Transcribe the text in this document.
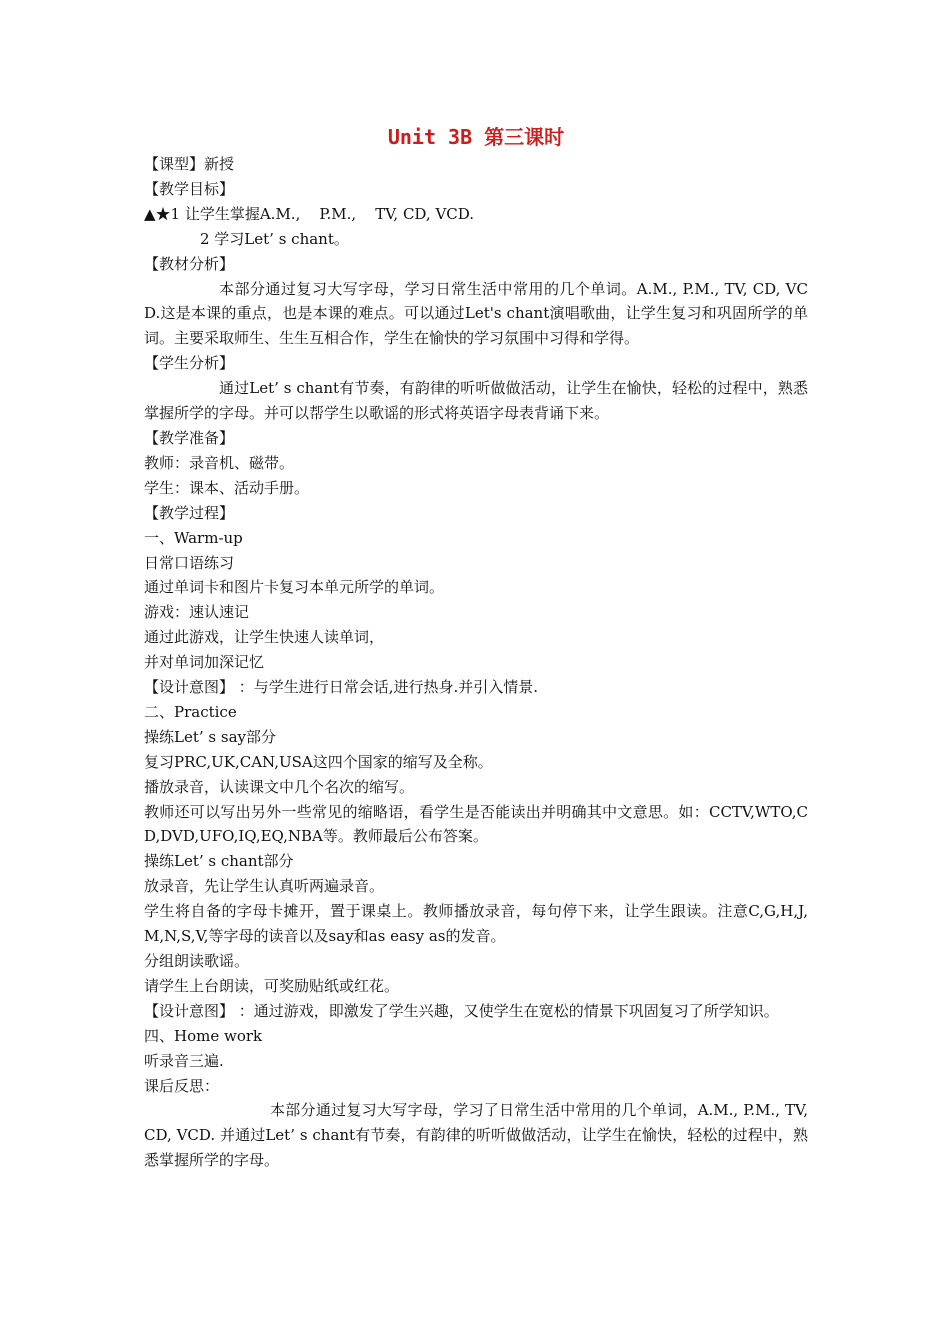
Unit 3B 第三课时
【课型】新授
【教学目标】
▲★1 让学生掌握A.M.,    P.M.,    TV, CD, VCD.
2 学习Let’ s chant。
【教材分析】
本部分通过复习大写字母，学习日常生活中常用的几个单词。A.M., P.M., TV, CD, VCD.这是本课的重点，也是本课的难点。可以通过Let's chant演唱歌曲，让学生复习和巩固所学的单词。主要采取师生、生生互相合作，学生在愉快的学习氛围中习得和学得。
【学生分析】
通过Let’ s chant有节奏，有韵律的听听做做活动，让学生在愉快，轻松的过程中，熟悉掌握所学的字母。并可以帮学生以歌谣的形式将英语字母表背诵下来。
【教学准备】
教师：录音机、磁带。
学生：课本、活动手册。
【教学过程】
一、Warm-up
日常口语练习
通过单词卡和图片卡复习本单元所学的单词。
游戏：速认速记
通过此游戏，让学生快速人读单词，
并对单词加深记忆
【设计意图】 ：与学生进行日常会话,进行热身.并引入情景.
二、Practice
操练Let’ s say部分
复习PRC,UK,CAN,USA这四个国家的缩写及全称。
播放录音，认读课文中几个名次的缩写。
教师还可以写出另外一些常见的缩略语，看学生是否能读出并明确其中文意思。如：CCTV,WTO,CD,DVD,UFO,IQ,EQ,NBA等。教师最后公布答案。
操练Let’ s chant部分
放录音，先让学生认真听两遍录音。
学生将自备的字母卡摊开，置于课桌上。教师播放录音，每句停下来，让学生跟读。注意C,G,H,J,M,N,S,V,等字母的读音以及say和as easy as的发音。
分组朗读歌谣。
请学生上台朗读，可奖励贴纸或红花。
【设计意图】 ：通过游戏，即激发了学生兴趣，又使学生在宽松的情景下巩固复习了所学知识。
四、Home work
听录音三遍.
课后反思：
本部分通过复习大写字母，学习了日常生活中常用的几个单词，A.M., P.M., TV, CD, VCD. 并通过Let’ s chant有节奏，有韵律的听听做做活动，让学生在愉快，轻松的过程中，熟悉掌握所学的字母。
